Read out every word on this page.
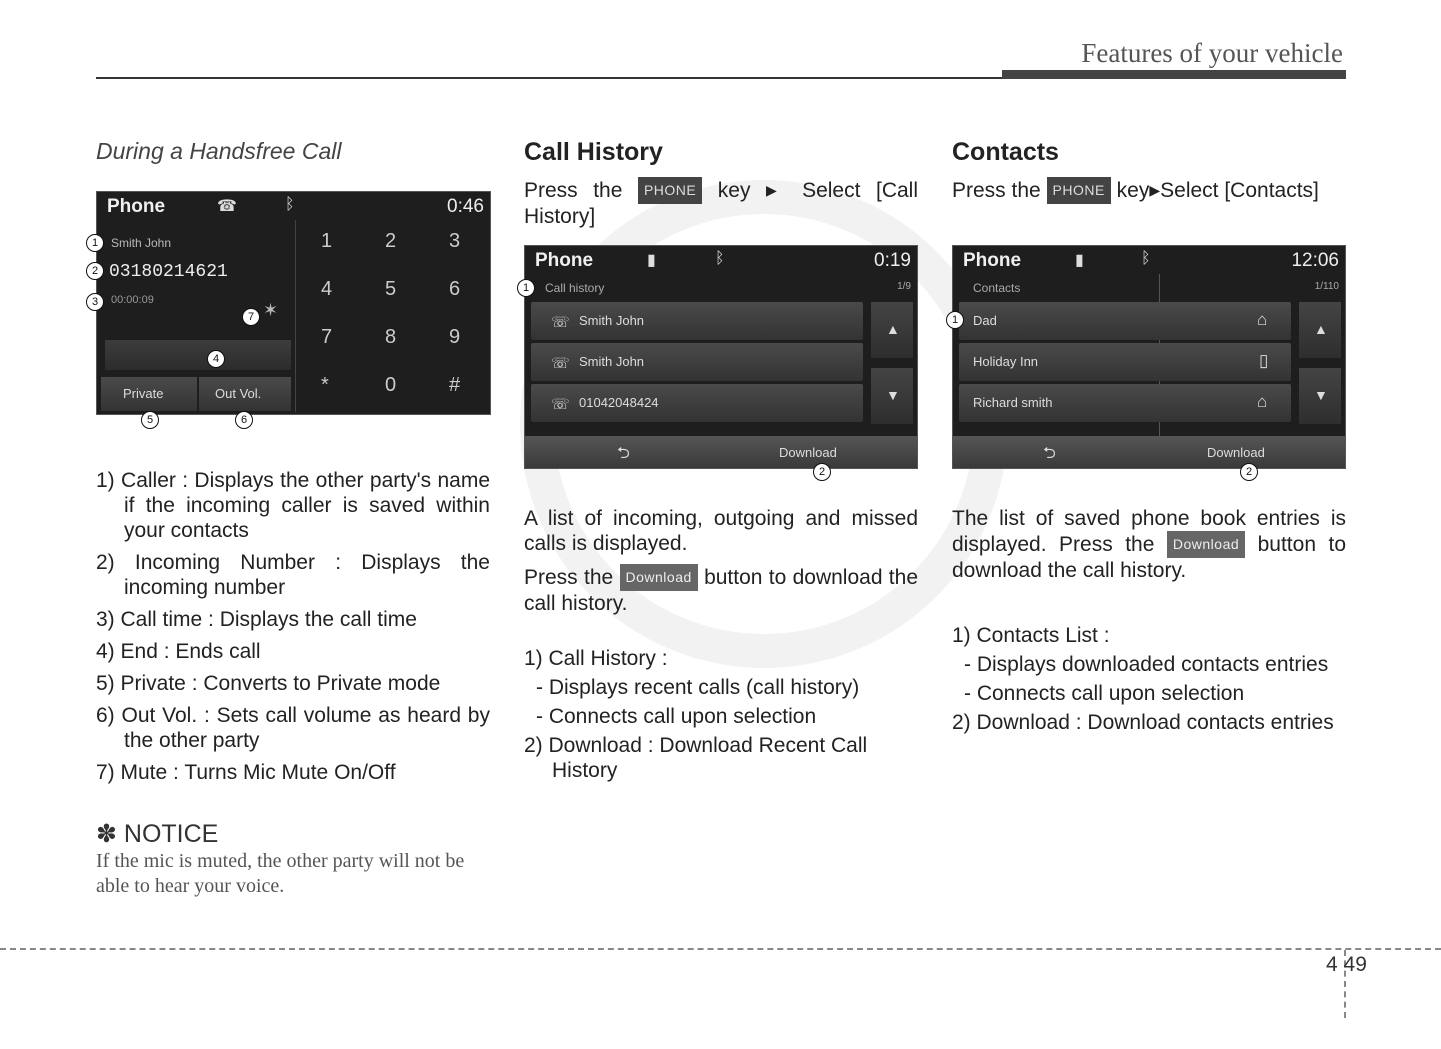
Features of your vehicle

During a Handsfree Call

Phone	☎	ᛒ	0:46
Smith John
03180214621
00:00:09	✶
Private	Out Vol.
1	2	3
4	5	6
7	8	9
*	0	#
1
2
3
4
5	6
7
1) Caller : Displays the other party's name if the incoming caller is saved within your contacts
2) Incoming Number : Displays the incoming number
3) Call time : Displays the call time
4) End : Ends call
5) Private : Converts to Private mode
6) Out Vol. : Sets call volume as heard by the other party
7) Mute : Turns Mic Mute On/Off

✽ NOTICE

If the mic is muted, the other party will not be able to hear your voice.

Call History

Press the PHONE key ▶ Select [Call History]
Phone	▮	ᛒ	0:19
Call history	1/9
☏ Smith John
☏ Smith John
☏ 01042048424
▲
▼
⮌	Download
1
2
A list of incoming, outgoing and missed calls is displayed.
Press the Download button to download the call history.
1) Call History :
- Displays recent calls (call history)
- Connects call upon selection
2) Download : Download Recent Call History

Contacts

Press the PHONE key▶Select [Contacts]
Phone	▮	ᛒ	12:06
Contacts	1/110
Dad	⌂
Holiday Inn	▯
Richard smith	⌂
▲
▼
⮌	Download
1
2
The list of saved phone book entries is displayed. Press the Download button to download the call history.
1) Contacts List :
- Displays downloaded contacts entries
- Connects call upon selection
2) Download : Download contacts entries
4 49
